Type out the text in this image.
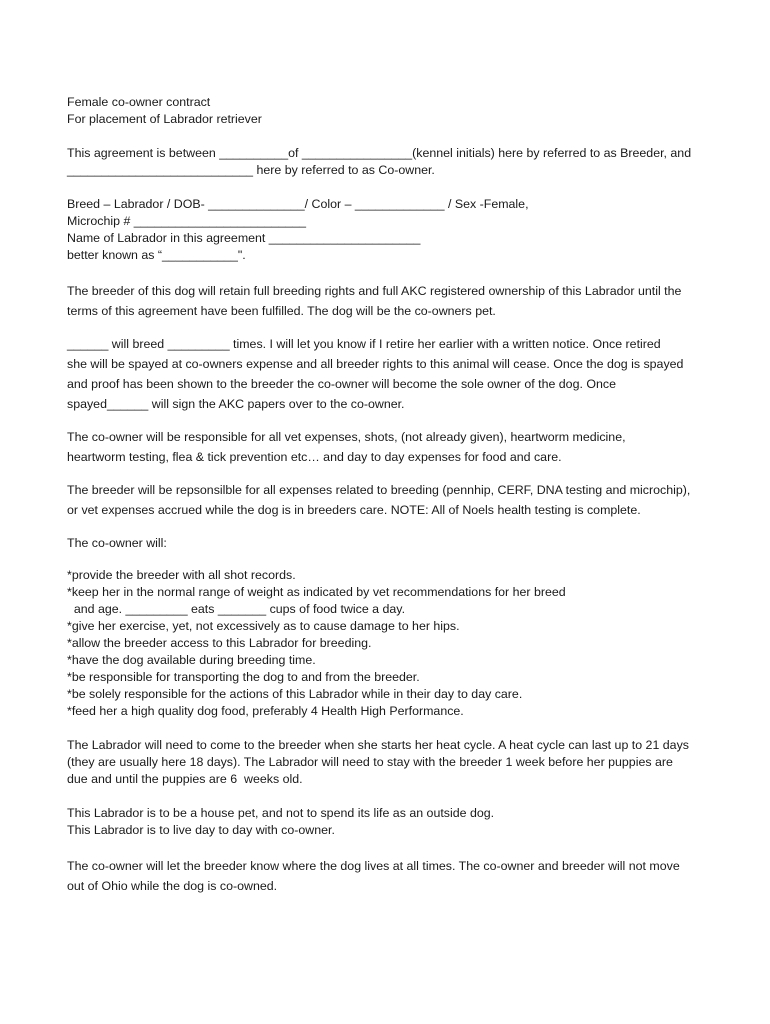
Female co-owner contract
For placement of Labrador retriever
This agreement is between __________of ________________(kennel initials) here by referred to as Breeder, and
___________________________ here by referred to as Co-owner.
Breed – Labrador / DOB- ______________/ Color – _____________ / Sex -Female,
Microchip # _________________________
Name of Labrador in this agreement ______________________
better known as “___________".
The breeder of this dog will retain full breeding rights and full AKC registered ownership of this Labrador until the
terms of this agreement have been fulfilled. The dog will be the co-owners pet.
______ will breed _________ times. I will let you know if I retire her earlier with a written notice. Once retired
she will be spayed at co-owners expense and all breeder rights to this animal will cease. Once the dog is spayed
and proof has been shown to the breeder the co-owner will become the sole owner of the dog. Once
spayed______ will sign the AKC papers over to the co-owner.
The co-owner will be responsible for all vet expenses, shots, (not already given), heartworm medicine,
heartworm testing, flea & tick prevention etc… and day to day expenses for food and care.
The breeder will be repsonsilble for all expenses related to breeding (pennhip, CERF, DNA testing and microchip),
or vet expenses accrued while the dog is in breeders care. NOTE: All of Noels health testing is complete.
The co-owner will:
*provide the breeder with all shot records.
*keep her in the normal range of weight as indicated by vet recommendations for her breed
and age. _________ eats _______ cups of food twice a day.
*give her exercise, yet, not excessively as to cause damage to her hips.
*allow the breeder access to this Labrador for breeding.
*have the dog available during breeding time.
*be responsible for transporting the dog to and from the breeder.
*be solely responsible for the actions of this Labrador while in their day to day care.
*feed her a high quality dog food, preferably 4 Health High Performance.
The Labrador will need to come to the breeder when she starts her heat cycle. A heat cycle can last up to 21 days
(they are usually here 18 days). The Labrador will need to stay with the breeder 1 week before her puppies are
due and until the puppies are 6  weeks old.
This Labrador is to be a house pet, and not to spend its life as an outside dog.
This Labrador is to live day to day with co-owner.
The co-owner will let the breeder know where the dog lives at all times. The co-owner and breeder will not move
out of Ohio while the dog is co-owned.
